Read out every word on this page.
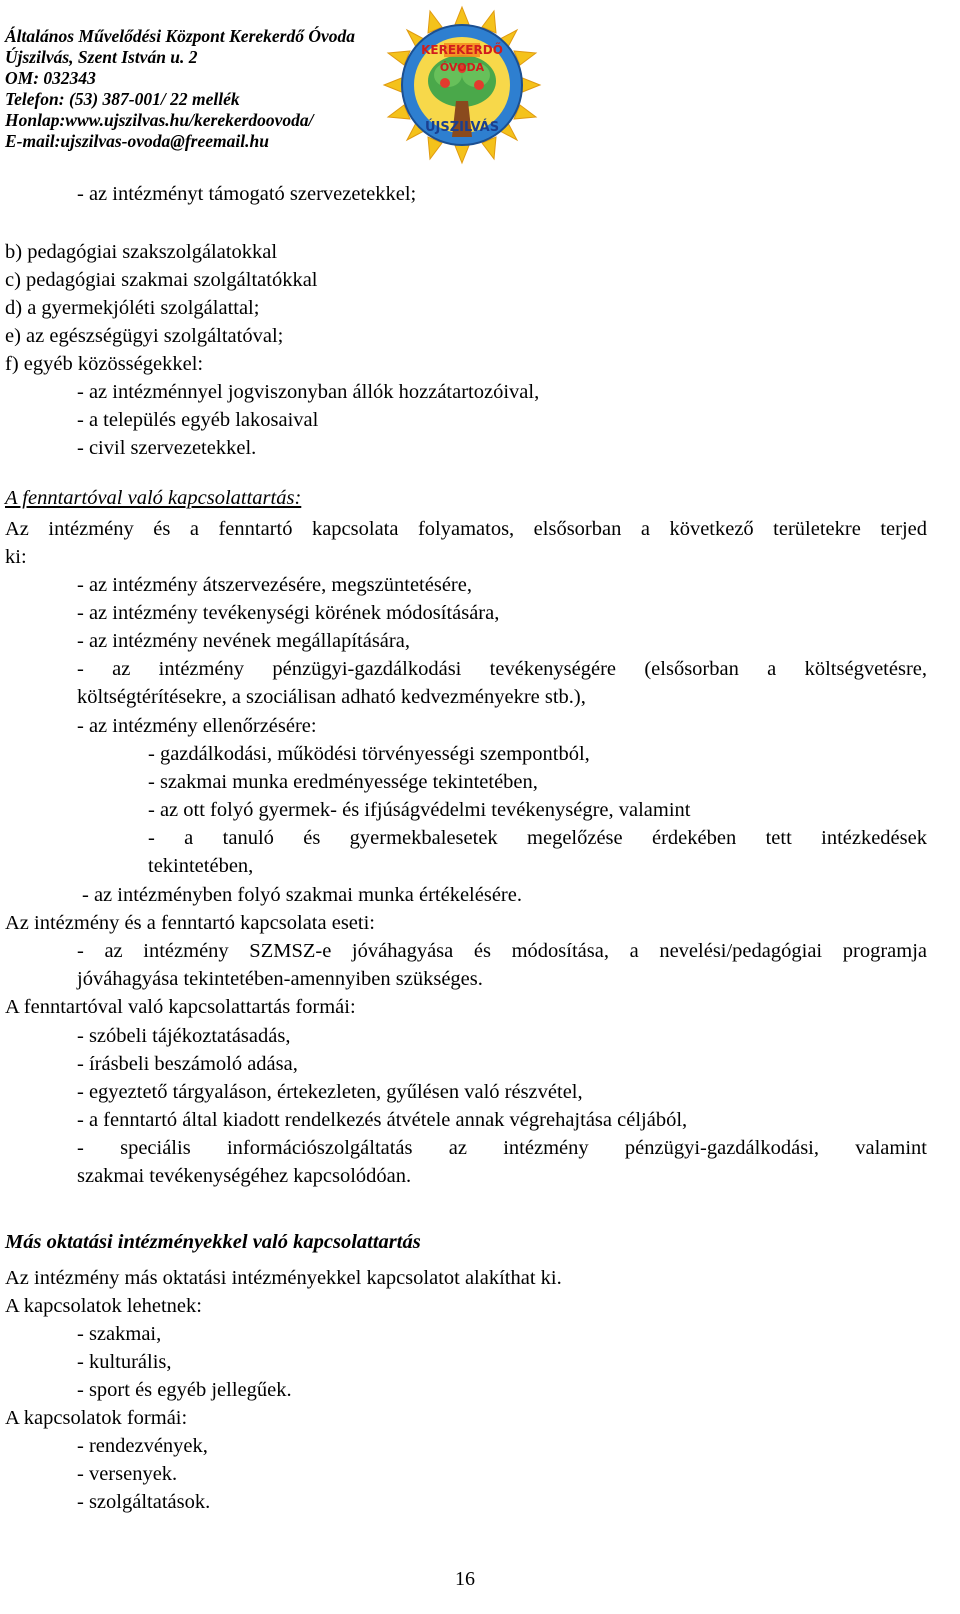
Általános Művelődési Központ Kerekerdő Óvoda
Újszilvás, Szent István u. 2
OM: 032343
Telefon: (53) 387-001/ 22 mellék
Honlap:www.ujszilvas.hu/kerekerdoovoda/
E-mail:ujszilvas-ovoda@freemail.hu
KEREKERDŐ
ÓVODA
ÚJSZILVÁS
- az intézményt támogató szervezetekkel;
b) pedagógiai szakszolgálatokkal
c) pedagógiai szakmai szolgáltatókkal
d) a gyermekjóléti szolgálattal;
e) az egészségügyi szolgáltatóval;
f) egyéb közösségekkel:
- az intézménnyel jogviszonyban állók hozzátartozóival,
- a település egyéb lakosaival
- civil szervezetekkel.
A fenntartóval való kapcsolattartás:
Az intézmény és a fenntartó kapcsolata folyamatos, elsősorban a következő területekre terjed
ki:
- az intézmény átszervezésére, megszüntetésére,
- az intézmény tevékenységi körének módosítására,
- az intézmény nevének megállapítására,
- az intézmény pénzügyi-gazdálkodási tevékenységére (elsősorban a költségvetésre,
költségtérítésekre, a szociálisan adható kedvezményekre stb.),
- az intézmény ellenőrzésére:
- gazdálkodási, működési törvényességi szempontból,
- szakmai munka eredményessége tekintetében,
- az ott folyó gyermek- és ifjúságvédelmi tevékenységre, valamint
- a tanuló és gyermekbalesetek megelőzése érdekében tett intézkedések
tekintetében,
- az intézményben folyó szakmai munka értékelésére.
Az intézmény és a fenntartó kapcsolata eseti:
- az intézmény SZMSZ-e jóváhagyása és módosítása, a nevelési/pedagógiai programja
jóváhagyása tekintetében-amennyiben szükséges.
A fenntartóval való kapcsolattartás formái:
- szóbeli tájékoztatásadás,
- írásbeli beszámoló adása,
- egyeztető tárgyaláson, értekezleten, gyűlésen való részvétel,
- a fenntartó által kiadott rendelkezés átvétele annak végrehajtása céljából,
- speciális információszolgáltatás az intézmény pénzügyi-gazdálkodási, valamint
szakmai tevékenységéhez kapcsolódóan.
Más oktatási intézményekkel való kapcsolattartás
Az intézmény más oktatási intézményekkel kapcsolatot alakíthat ki.
A kapcsolatok lehetnek:
- szakmai,
- kulturális,
- sport és egyéb jellegűek.
A kapcsolatok formái:
- rendezvények,
- versenyek.
- szolgáltatások.
16
